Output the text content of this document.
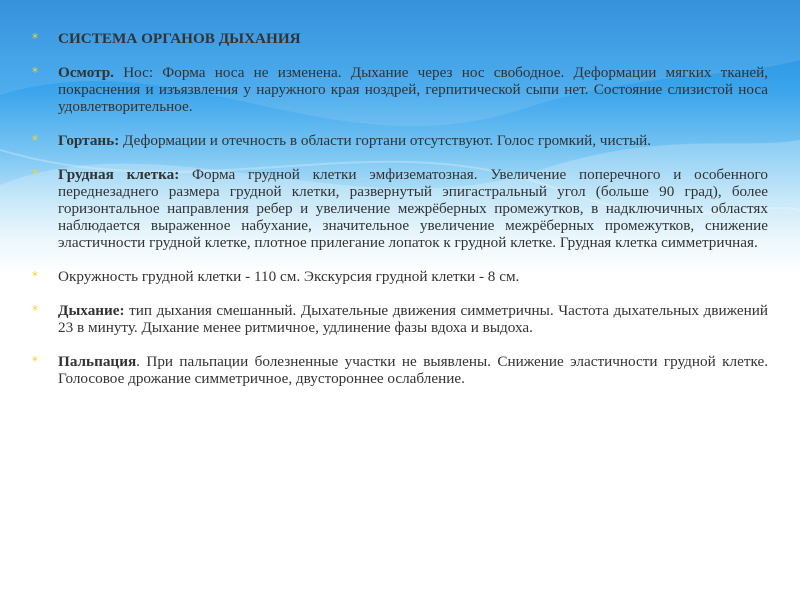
* СИСТЕМА ОРГАНОВ ДЫХАНИЯ
* Осмотр. Нос: Форма носа не изменена. Дыхание через нос свободное. Деформации мягких тканей, покраснения и изъязвления у наружного края ноздрей, герпитической сыпи нет. Состояние слизистой носа удовлетворительное.
* Гортань: Деформации и отечность в области гортани отсутствуют. Голос громкий, чистый.
* Грудная клетка: Форма грудной клетки эмфизематозная. Увеличение поперечного и особенного переднезаднего размера грудной клетки, развернутый эпигастральный угол (больше 90 град), более горизонтальное направления ребер и увеличение межрёберных промежутков, в надключичных областях наблюдается выраженное набухание, значительное увеличение межрёберных промежутков, снижение эластичности грудной клетке, плотное прилегание лопаток к грудной клетке. Грудная клетка симметричная.
* Окружность грудной клетки - 110 см. Экскурсия грудной клетки - 8 см.
* Дыхание: тип дыхания смешанный. Дыхательные движения симметричны. Частота дыхательных движений 23 в минуту. Дыхание менее ритмичное, удлинение фазы вдоха и выдоха.
* Пальпация. При пальпации болезненные участки не выявлены. Снижение эластичности грудной клетке. Голосовое дрожание симметричное, двустороннее ослабление.
